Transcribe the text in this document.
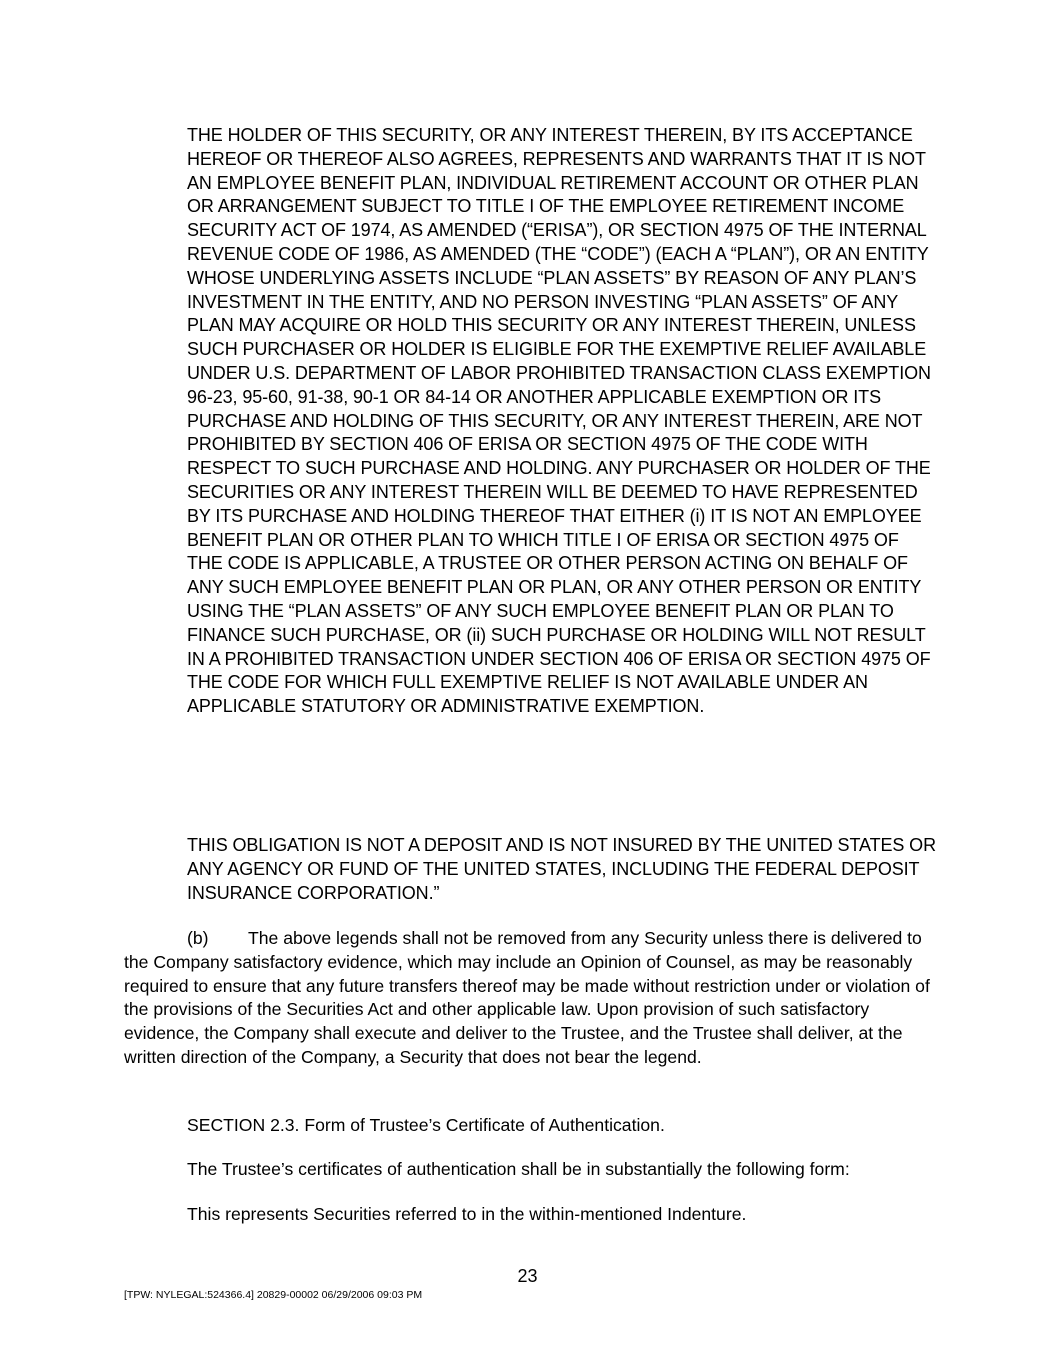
THE HOLDER OF THIS SECURITY, OR ANY INTEREST THEREIN, BY ITS ACCEPTANCE HEREOF OR THEREOF ALSO AGREES, REPRESENTS AND WARRANTS THAT IT IS NOT AN EMPLOYEE BENEFIT PLAN, INDIVIDUAL RETIREMENT ACCOUNT OR OTHER PLAN OR ARRANGEMENT SUBJECT TO TITLE I OF THE EMPLOYEE RETIREMENT INCOME SECURITY ACT OF 1974, AS AMENDED (“ERISA”), OR SECTION 4975 OF THE INTERNAL REVENUE CODE OF 1986, AS AMENDED (THE “CODE”) (EACH A “PLAN”), OR AN ENTITY WHOSE UNDERLYING ASSETS INCLUDE “PLAN ASSETS” BY REASON OF ANY PLAN’S INVESTMENT IN THE ENTITY, AND NO PERSON INVESTING “PLAN ASSETS” OF ANY PLAN MAY ACQUIRE OR HOLD THIS SECURITY OR ANY INTEREST THEREIN, UNLESS SUCH PURCHASER OR HOLDER IS ELIGIBLE FOR THE EXEMPTIVE RELIEF AVAILABLE UNDER U.S. DEPARTMENT OF LABOR PROHIBITED TRANSACTION CLASS EXEMPTION 96-23, 95-60, 91-38, 90-1 OR 84-14 OR ANOTHER APPLICABLE EXEMPTION OR ITS PURCHASE AND HOLDING OF THIS SECURITY, OR ANY INTEREST THEREIN, ARE NOT PROHIBITED BY SECTION 406 OF ERISA OR SECTION 4975 OF THE CODE WITH RESPECT TO SUCH PURCHASE AND HOLDING. ANY PURCHASER OR HOLDER OF THE SECURITIES OR ANY INTEREST THEREIN WILL BE DEEMED TO HAVE REPRESENTED BY ITS PURCHASE AND HOLDING THEREOF THAT EITHER (i) IT IS NOT AN EMPLOYEE BENEFIT PLAN OR OTHER PLAN TO WHICH TITLE I OF ERISA OR SECTION 4975 OF THE CODE IS APPLICABLE, A TRUSTEE OR OTHER PERSON ACTING ON BEHALF OF ANY SUCH EMPLOYEE BENEFIT PLAN OR PLAN, OR ANY OTHER PERSON OR ENTITY USING THE “PLAN ASSETS” OF ANY SUCH EMPLOYEE BENEFIT PLAN OR PLAN TO FINANCE SUCH PURCHASE, OR (ii) SUCH PURCHASE OR HOLDING WILL NOT RESULT IN A PROHIBITED TRANSACTION UNDER SECTION 406 OF ERISA OR SECTION 4975 OF THE CODE FOR WHICH FULL EXEMPTIVE RELIEF IS NOT AVAILABLE UNDER AN APPLICABLE STATUTORY OR ADMINISTRATIVE EXEMPTION.

THIS OBLIGATION IS NOT A DEPOSIT AND IS NOT INSURED BY THE UNITED STATES OR ANY AGENCY OR FUND OF THE UNITED STATES, INCLUDING THE FEDERAL DEPOSIT INSURANCE CORPORATION.”

(b) The above legends shall not be removed from any Security unless there is delivered to the Company satisfactory evidence, which may include an Opinion of Counsel, as may be reasonably required to ensure that any future transfers thereof may be made without restriction under or violation of the provisions of the Securities Act and other applicable law. Upon provision of such satisfactory evidence, the Company shall execute and deliver to the Trustee, and the Trustee shall deliver, at the written direction of the Company, a Security that does not bear the legend.

SECTION 2.3. Form of Trustee’s Certificate of Authentication.

The Trustee’s certificates of authentication shall be in substantially the following form:

This represents Securities referred to in the within-mentioned Indenture.

23
[TPW: NYLEGAL:524366.4] 20829-00002 06/29/2006 09:03 PM
